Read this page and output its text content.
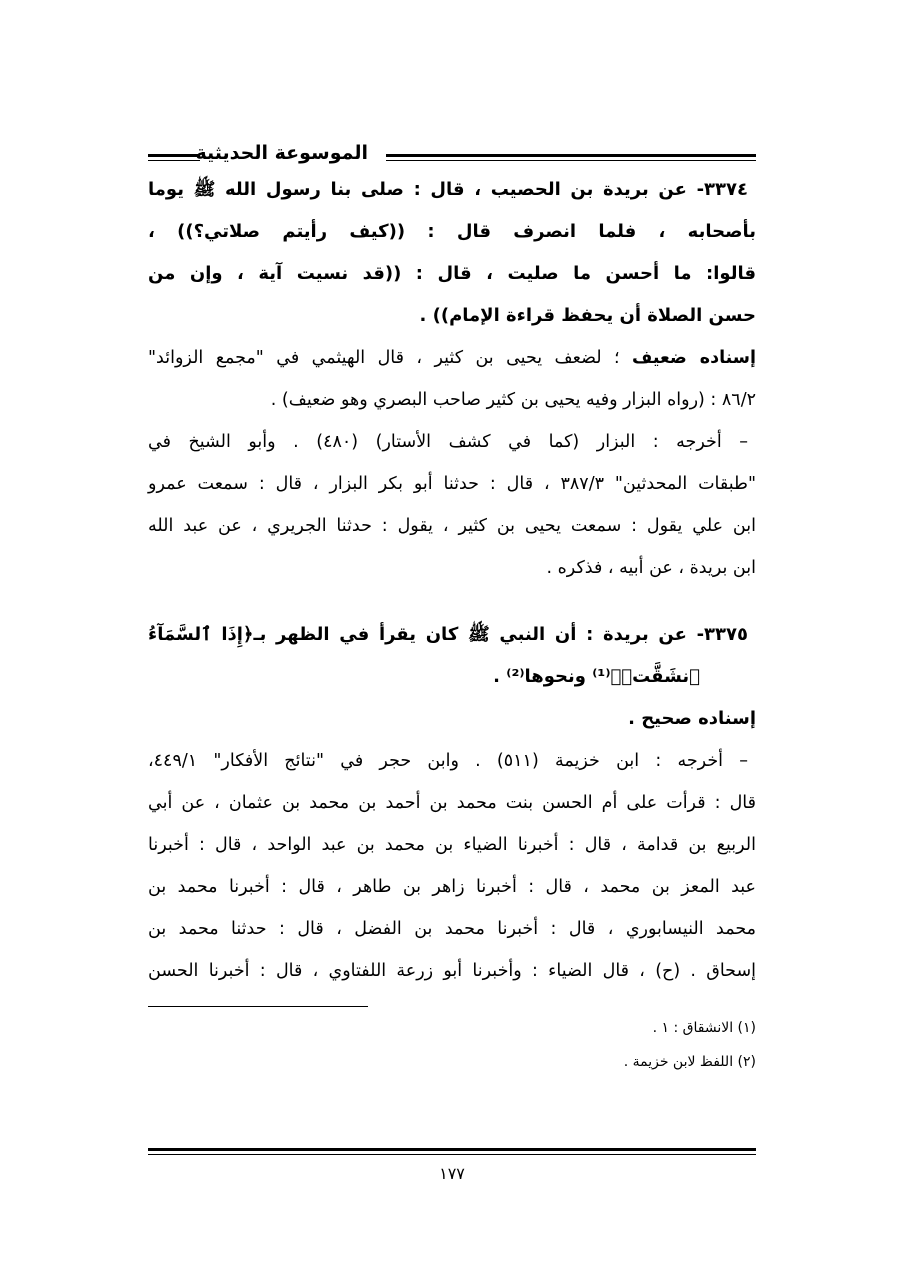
الموسوعة الحديثية
٣٣٧٤- عن بريدة بن الحصيب ، قال : صلى بنا رسول الله ﷺ يوما
بأصحابه ، فلما انصرف قال : ((كيف رأيتم صلاتي؟)) ،
قالوا: ما أحسن ما صليت ، قال : ((قد نسيت آية ، وإن من
حسن الصلاة أن يحفظ قراءة الإمام)) .
إسناده ضعيف ؛ لضعف يحيى بن كثير ، قال الهيثمي في "مجمع الزوائد"
٨٦/٢ : (رواه البزار وفيه يحيى بن كثير صاحب البصري وهو ضعيف) .
– أخرجه : البزار (كما في كشف الأستار) (٤٨٠) . وأبو الشيخ في
"طبقات المحدثين" ٣٨٧/٣ ، قال : حدثنا أبو بكر البزار ، قال : سمعت عمرو
ابن علي يقول : سمعت يحيى بن كثير ، يقول : حدثنا الجريري ، عن عبد الله
ابن بريدة ، عن أبيه ، فذكره .
٣٣٧٥- عن بريدة : أن النبي ﷺ كان يقرأ في الظهر بـ﴿إِذَا ٱلسَّمَآءُ
ٱنشَقَّتۡ﴾⁽¹⁾ ونحوها⁽²⁾ .
إسناده صحيح .
– أخرجه : ابن خزيمة (٥١١) . وابن حجر في "نتائج الأفكار" ٤٤٩/١،
قال : قرأت على أم الحسن بنت محمد بن أحمد بن محمد بن عثمان ، عن أبي
الربيع بن قدامة ، قال : أخبرنا الضياء بن محمد بن عبد الواحد ، قال : أخبرنا
عبد المعز بن محمد ، قال : أخبرنا زاهر بن طاهر ، قال : أخبرنا محمد بن
محمد النيسابوري ، قال : أخبرنا محمد بن الفضل ، قال : حدثنا محمد بن
إسحاق . (ح) ، قال الضياء : وأخبرنا أبو زرعة اللفتاوي ، قال : أخبرنا الحسن
(١) الانشقاق : ١ .
(٢) اللفظ لابن خزيمة .
١٧٧
